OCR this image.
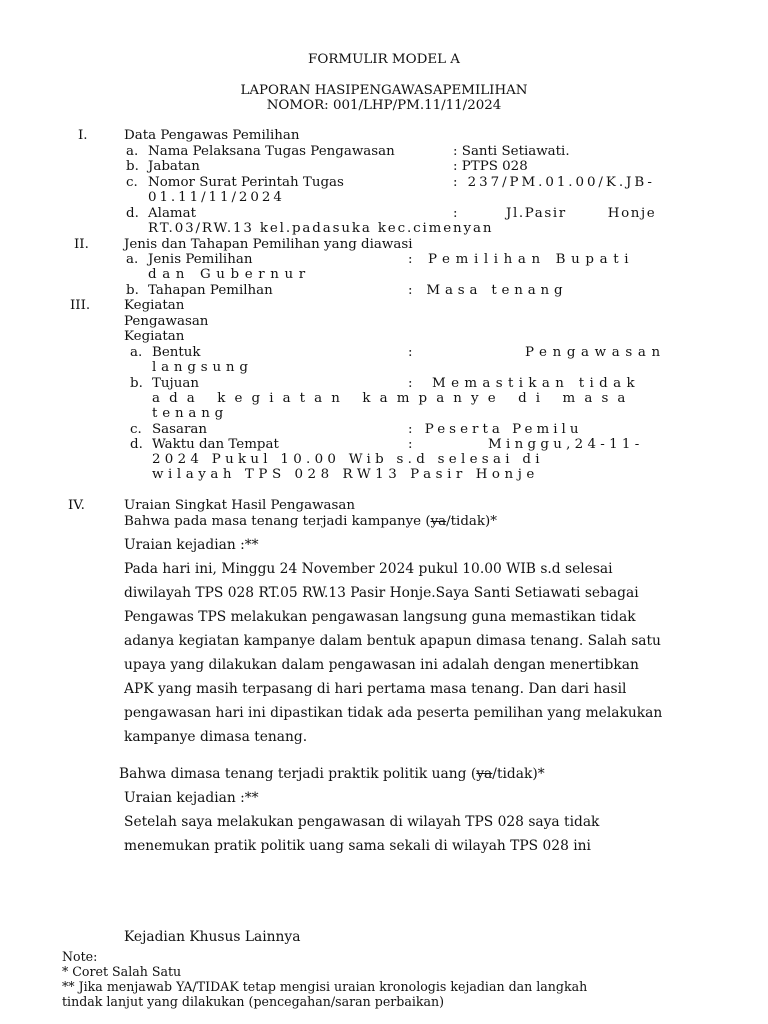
FORMULIR MODEL A
LAPORAN HASIPENGAWASAPEMILIHAN
NOMOR: 001/LHP/PM.11/11/2024
I.	Data Pengawas Pemilihan
a. Nama Pelaksana Tugas Pengawasan	: Santi Setiawati.
b. Jabatan	: PTPS 028
c. Nomor Surat Perintah Tugas	: 237/PM.01.00/K.JB-
01.11/11/2024
d. Alamat	:        Jl.Pasir       Honje
RT.03/RW.13 kel.padasuka kec.cimenyan
II.	Jenis dan Tahapan Pemilihan yang diawasi
a. Jenis Pemilihan	: Pemilihan Bupati
dan Gubernur
b. Tahapan Pemilhan	: Masa tenang
III.	Kegiatan
Pengawasan
Kegiatan
a. Bentuk	:	Pengawasan
langsung
b. Tujuan	: Memastikan tidak
ada kegiatan kampanye di masa
tenang
c. Sasaran	: Peserta Pemilu
d. Waktu dan Tempat	:	Minggu,24-11-
2024 Pukul 10.00 Wib s.d selesai di
wilayah TPS 028 RW13 Pasir Honje
IV.	Uraian Singkat Hasil Pengawasan
Bahwa pada masa tenang terjadi kampanye (ya/tidak)*
Uraian kejadian :**
Pada hari ini, Minggu 24 November 2024 pukul 10.00 WIB s.d selesai
diwilayah TPS 028 RT.05 RW.13 Pasir Honje.Saya Santi Setiawati sebagai
Pengawas TPS melakukan pengawasan langsung guna memastikan tidak
adanya kegiatan kampanye dalam bentuk apapun dimasa tenang. Salah satu
upaya yang dilakukan dalam pengawasan ini adalah dengan menertibkan
APK yang masih terpasang di hari pertama masa tenang. Dan dari hasil
pengawasan hari ini dipastikan tidak ada peserta pemilihan yang melakukan
kampanye dimasa tenang.
Bahwa dimasa tenang terjadi praktik politik uang (ya/tidak)*
Uraian kejadian :**
Setelah saya melakukan pengawasan di wilayah TPS 028 saya tidak
menemukan pratik politik uang sama sekali di wilayah TPS 028 ini
Kejadian Khusus Lainnya
Note:
* Coret Salah Satu
** Jika menjawab YA/TIDAK tetap mengisi uraian kronologis kejadian dan langkah
tindak lanjut yang dilakukan (pencegahan/saran perbaikan)
